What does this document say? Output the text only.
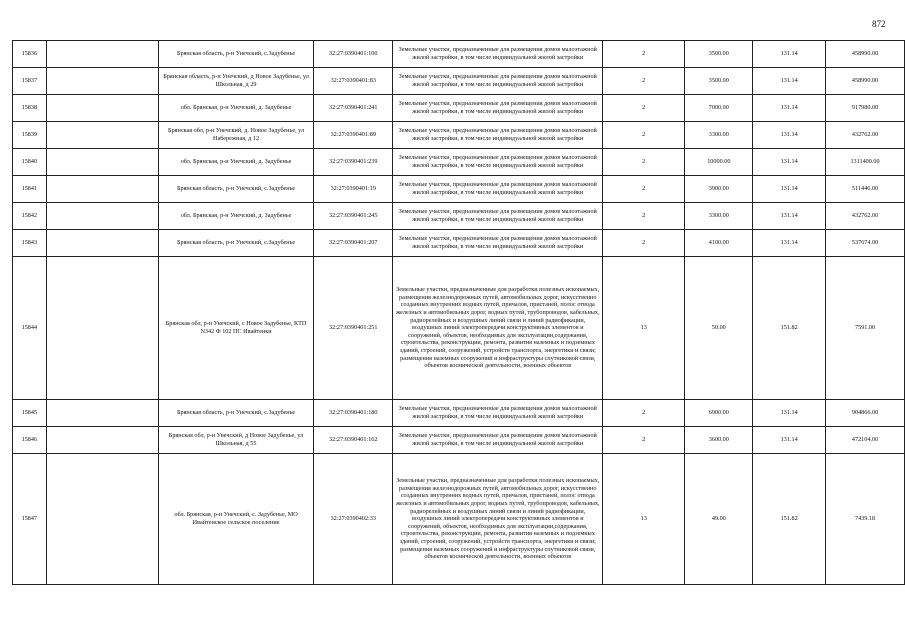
872
15836		Брянская область, р-н Унечский, с.Задубенье	32:27:0390401:100	Земельные участки, предназначенные для размещения домов малоэтажной жилой застройки, в том числе индивидуальной жилой застройки	2	3500.00	131.14	458990.00
15837		Брянская область, р-н Унечский, д Новое Задубенье, ул Школьная, д 29	32:27:0390401:83	Земельные участки, предназначенные для размещения домов малоэтажной жилой застройки, в том числе индивидуальной жилой застройки	2	3500.00	131.14	458990.00
15838		обл. Брянская, р-н Унечский, д. Задубенье	32:27:0390401:241	Земельные участки, предназначенные для размещения домов малоэтажной жилой застройки, в том числе индивидуальной жилой застройки	2	7000.00	131.14	917980.00
15839		Брянская обл, р-н Унечский, д. Новое Задубенье, ул Набережная, д 12	32:27:0390401:89	Земельные участки, предназначенные для размещения домов малоэтажной жилой застройки, в том числе индивидуальной жилой застройки	2	3300.00	131.14	432762.00
15840		обл. Брянская, р-н Унечский, д. Задубенье	32:27:0390401:239	Земельные участки, предназначенные для размещения домов малоэтажной жилой застройки, в том числе индивидуальной жилой застройки	2	10000.00	131.14	1311400.00
15841		Брянская область, р-н Унечский, с.Задубенье	32:27:0390401:19	Земельные участки, предназначенные для размещения домов малоэтажной жилой застройки, в том числе индивидуальной жилой застройки	2	3900.00	131.14	511446.00
15842		обл. Брянская, р-н Унечский, д. Задубенье	32:27:0390401:245	Земельные участки, предназначенные для размещения домов малоэтажной жилой застройки, в том числе индивидуальной жилой застройки	2	3300.00	131.14	432762.00
15843		Брянская область, р-н Унечский, с.Задубенье	32:27:0390401:207	Земельные участки, предназначенные для размещения домов малоэтажной жилой застройки, в том числе индивидуальной жилой застройки	2	4100.00	131.14	537674.00
15844		Брянская обл, р-н Унечский, с Новое Задубенье, КТП N342 Ф 102 ПС Ивайтенки	32:27:0390401:251	Земельные участки, предназначенные для разработки полезных ископаемых, размещения железнодорожных путей, автомобильных дорог, искусственно созданных внутренних водных путей, причалов, пристаней, полос отвода железных и автомобильных дорог, водных путей, трубопроводов, кабельных, радиорелейных и воздушных линий связи и линий радиофикации, воздушных линий электропередачи конструктивных элементов и сооружений, объектов, необходимых для эксплуатации,содержания, строительства, реконструкции, ремонта, развития наземных и подземных зданий, строений, сооружений, устройств транспорта, энергетики и связи; размещения наземных сооружений и инфраструктуры спутниковой связи, объектов космической деятельности, военных объектов	13	50.00	151.82	7591.00
15845		Брянская область, р-н Унечский, с.Задубенье	32:27:0390401:180	Земельные участки, предназначенные для размещения домов малоэтажной жилой застройки, в том числе индивидуальной жилой застройки	2	6900.00	131.14	904866.00
15846		Брянская обл, р-н Унечский, д Новое Задубенье, ул Школьная, д 55	32:27:0390401:162	Земельные участки, предназначенные для размещения домов малоэтажной жилой застройки, в том числе индивидуальной жилой застройки	2	3600.00	131.14	472104.00
15847		обл. Брянская, р-н Унечский, с. Задубенье, МО Ивайтенское сельское поселение	32:27:0390402:33	Земельные участки, предназначенные для разработки полезных ископаемых, размещения железнодорожных путей, автомобильных дорог, искусственно созданных внутренних водных путей, причалов, пристаней, полос отвода железных и автомобильных дорог, водных путей, трубопроводов, кабельных, радиорелейных и воздушных линий связи и линий радиофикации, воздушных линий электропередачи конструктивных элементов и сооружений, объектов, необходимых для эксплуатации,содержания, строительства, реконструкции, ремонта, развития наземных и подземных зданий, строений, сооружений, устройств транспорта, энергетики и связи; размещения наземных сооружений и инфраструктуры спутниковой связи, объектов космической деятельности, военных объектов	13	49.00	151.82	7439.18
